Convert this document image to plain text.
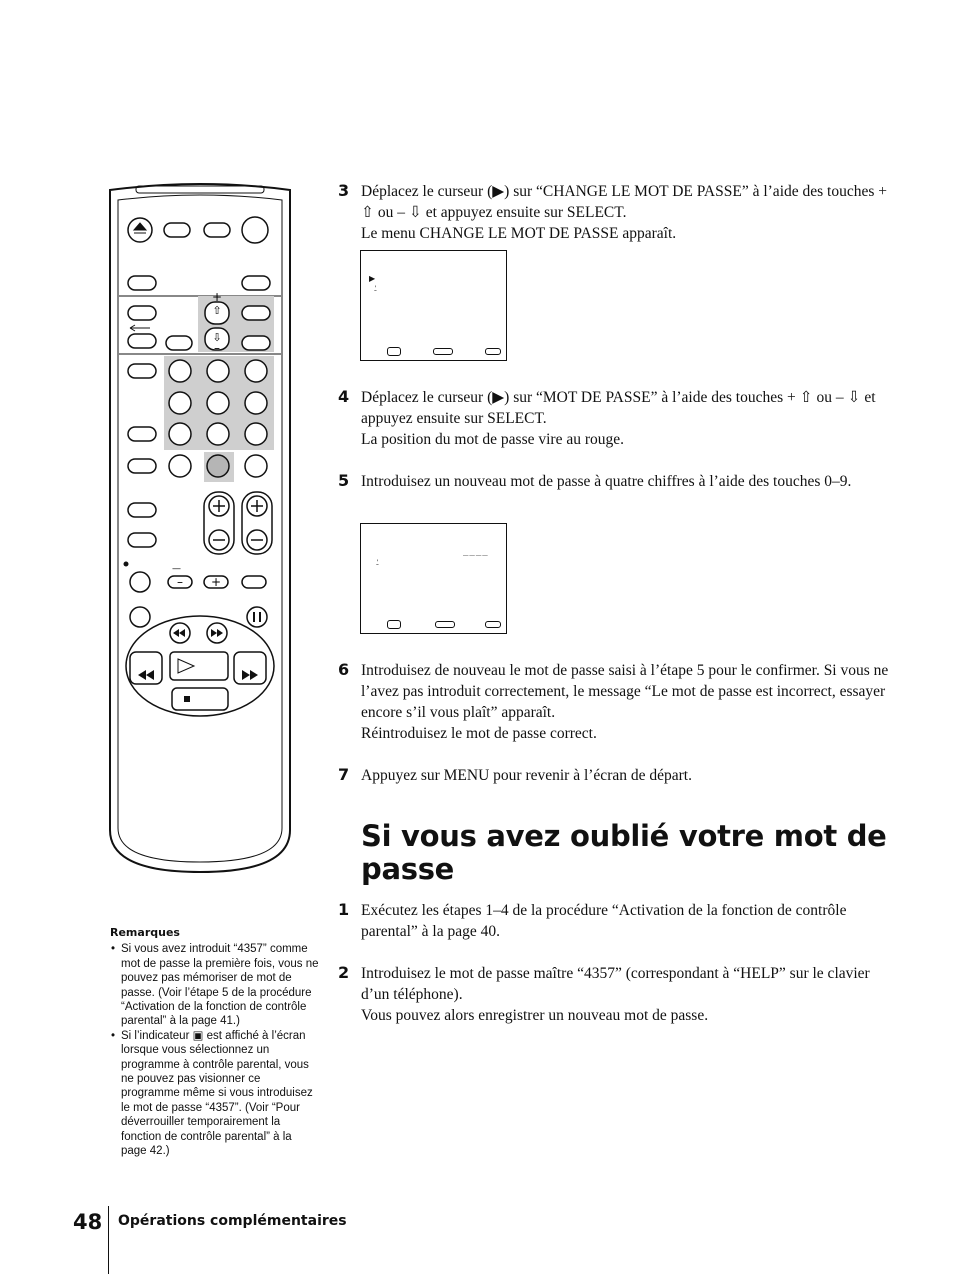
⇧
⇩
+
–
—
+
+
–
3 Déplacez le curseur (▶) sur “CHANGE LE MOT DE PASSE” à l’aide des touches + ⇧ ou – ⇩ et appuyez ensuite sur SELECT.

Le menu CHANGE LE MOT DE PASSE apparaît.

▶
⍘
4 Déplacez le curseur (▶) sur “MOT DE PASSE” à l’aide des touches + ⇧ ou – ⇩ et appuyez ensuite sur SELECT.

La position du mot de passe vire au rouge.

5 Introduisez un nouveau mot de passe à quatre chiffres à l’aide des touches 0–9.

____
⍘
6 Introduisez de nouveau le mot de passe saisi à l’étape 5 pour le confirmer. Si vous ne l’avez pas introduit correctement, le message “Le mot de passe est incorrect, essayer encore s’il vous plaît” apparaît.

Réintroduisez le mot de passe correct.

7 Appuyez sur MENU pour revenir à l’écran de départ.

Si vous avez oublié votre mot de passe
1 Exécutez les étapes 1–4 de la procédure “Activation de la fonction de contrôle parental” à la page 40.

2 Introduisez le mot de passe maître “4357” (correspondant à “HELP” sur le clavier d’un téléphone).

Vous pouvez alors enregistrer un nouveau mot de passe.

Remarques
• Si vous avez introduit “4357” comme mot de passe la première fois, vous ne pouvez pas mémoriser de mot de passe. (Voir l’étape 5 de la procédure “Activation de la fonction de contrôle parental” à la page 41.)
• Si l’indicateur ▣ est affiché à l’écran lorsque vous sélectionnez un programme à contrôle parental, vous ne pouvez pas visionner ce programme même si vous introduisez le mot de passe “4357”. (Voir “Pour déverrouiller temporairement la fonction de contrôle parental” à la page 42.)
48 Opérations complémentaires
